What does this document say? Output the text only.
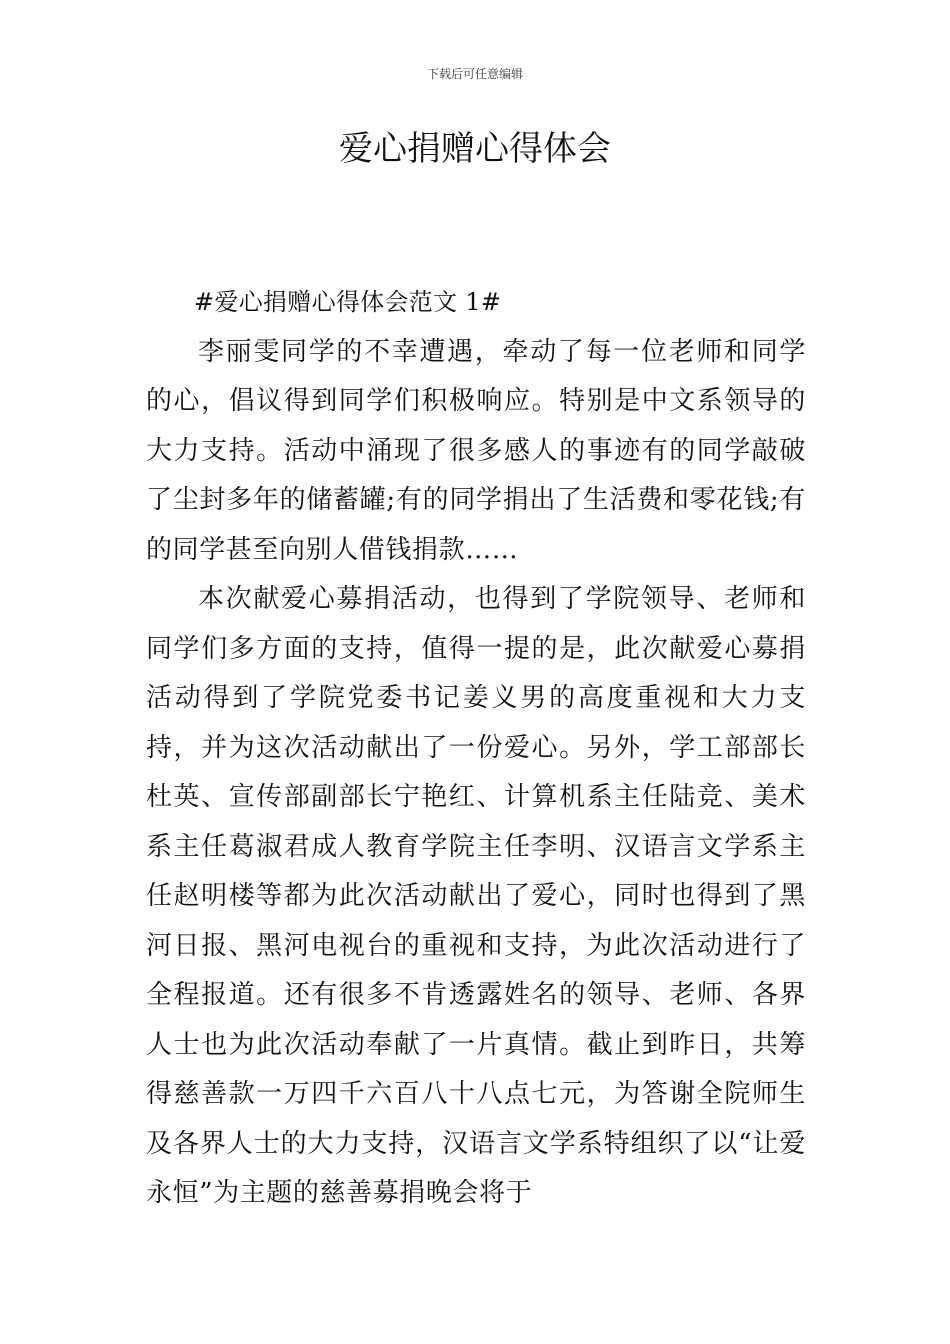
下载后可任意编辑
爱心捐赠心得体会

#爱心捐赠心得体会范文 1#

李丽雯同学的不幸遭遇，牵动了每一位老师和同学的心，倡议得到同学们积极响应。特别是中文系领导的大力支持。活动中涌现了很多感人的事迹有的同学敲破了尘封多年的储蓄罐;有的同学捐出了生活费和零花钱;有的同学甚至向别人借钱捐款……

本次献爱心募捐活动，也得到了学院领导、老师和同学们多方面的支持，值得一提的是，此次献爱心募捐活动得到了学院党委书记姜义男的高度重视和大力支持，并为这次活动献出了一份爱心。另外，学工部部长杜英、宣传部副部长宁艳红、计算机系主任陆竞、美术系主任葛淑君成人教育学院主任李明、汉语言文学系主任赵明楼等都为此次活动献出了爱心，同时也得到了黑河日报、黑河电视台的重视和支持，为此次活动进行了全程报道。还有很多不肯透露姓名的领导、老师、各界人士也为此次活动奉献了一片真情。截止到昨日，共筹得慈善款一万四千六百八十八点七元，为答谢全院师生及各界人士的大力支持，汉语言文学系特组织了以“让爱永恒”为主题的慈善募捐晚会将于
